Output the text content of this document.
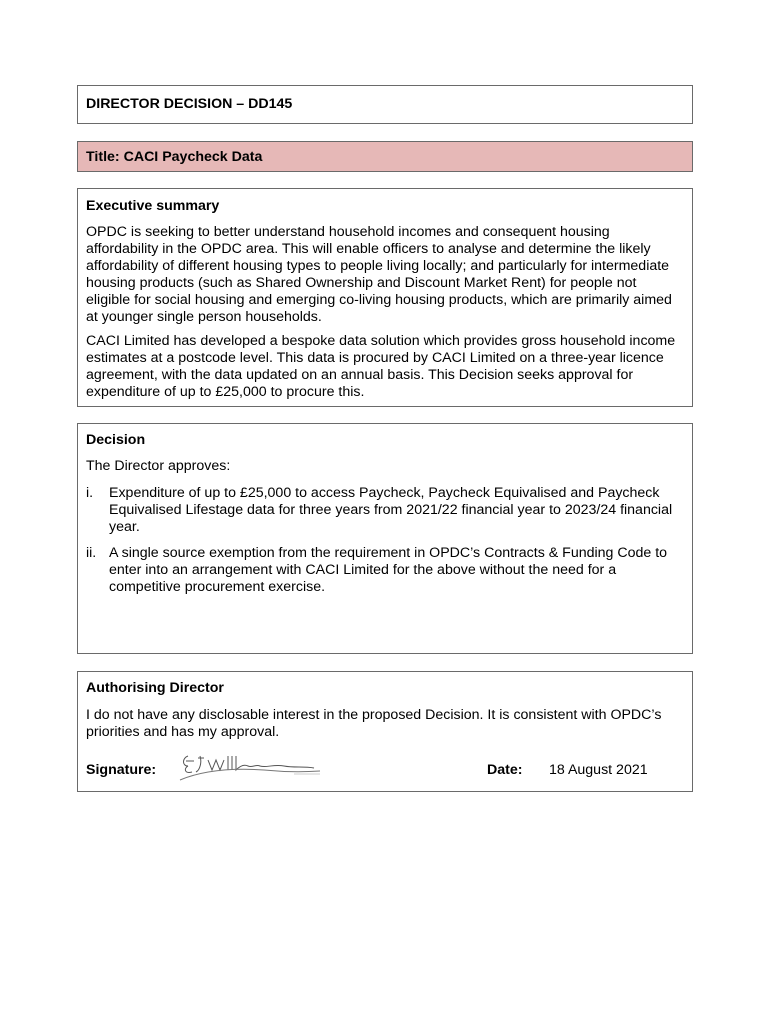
DIRECTOR DECISION – DD145
Title: CACI Paycheck Data
Executive summary
OPDC is seeking to better understand household incomes and consequent housing affordability in the OPDC area. This will enable officers to analyse and determine the likely affordability of different housing types to people living locally; and particularly for intermediate housing products (such as Shared Ownership and Discount Market Rent) for people not eligible for social housing and emerging co-living housing products, which are primarily aimed at younger single person households.
CACI Limited has developed a bespoke data solution which provides gross household income estimates at a postcode level. This data is procured by CACI Limited on a three-year licence agreement, with the data updated on an annual basis. This Decision seeks approval for expenditure of up to £25,000 to procure this.
Decision
The Director approves:
i. Expenditure of up to £25,000 to access Paycheck, Paycheck Equivalised and Paycheck Equivalised Lifestage data for three years from 2021/22 financial year to 2023/24 financial year.
ii. A single source exemption from the requirement in OPDC’s Contracts & Funding Code to enter into an arrangement with CACI Limited for the above without the need for a competitive procurement exercise.
Authorising Director
I do not have any disclosable interest in the proposed Decision. It is consistent with OPDC’s priorities and has my approval.
Signature:	Date: 18 August 2021
